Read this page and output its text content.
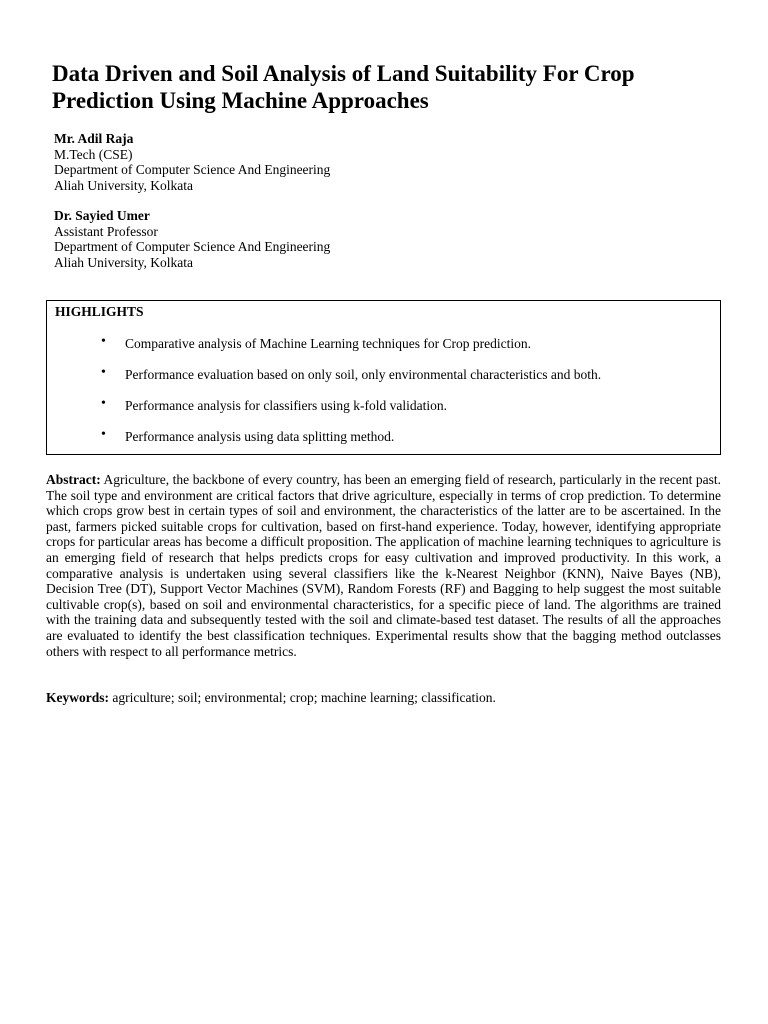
Data Driven and Soil Analysis of Land Suitability For Crop Prediction Using Machine Approaches
Mr. Adil Raja
M.Tech (CSE)
Department of Computer Science And Engineering
Aliah University, Kolkata
Dr. Sayied Umer
Assistant Professor
Department of Computer Science And Engineering
Aliah University, Kolkata
HIGHLIGHTS
• Comparative analysis of Machine Learning techniques for Crop prediction.
• Performance evaluation based on only soil, only environmental characteristics and both.
• Performance analysis for classifiers using k-fold validation.
• Performance analysis using data splitting method.

Abstract: Agriculture, the backbone of every country, has been an emerging field of research, particularly in the recent past. The soil type and environment are critical factors that drive agriculture, especially in terms of crop prediction. To determine which crops grow best in certain types of soil and environment, the characteristics of the latter are to be ascertained. In the past, farmers picked suitable crops for cultivation, based on first-hand experience. Today, however, identifying appropriate crops for particular areas has become a difficult proposition. The application of machine learning techniques to agriculture is an emerging field of research that helps predicts crops for easy cultivation and improved productivity. In this work, a comparative analysis is undertaken using several classifiers like the k-Nearest Neighbor (KNN), Naive Bayes (NB), Decision Tree (DT), Support Vector Machines (SVM), Random Forests (RF) and Bagging to help suggest the most suitable cultivable crop(s), based on soil and environmental characteristics, for a specific piece of land. The algorithms are trained with the training data and subsequently tested with the soil and climate-based test dataset. The results of all the approaches are evaluated to identify the best classification techniques. Experimental results show that the bagging method outclasses others with respect to all performance metrics.

Keywords: agriculture; soil; environmental; crop; machine learning; classification.
